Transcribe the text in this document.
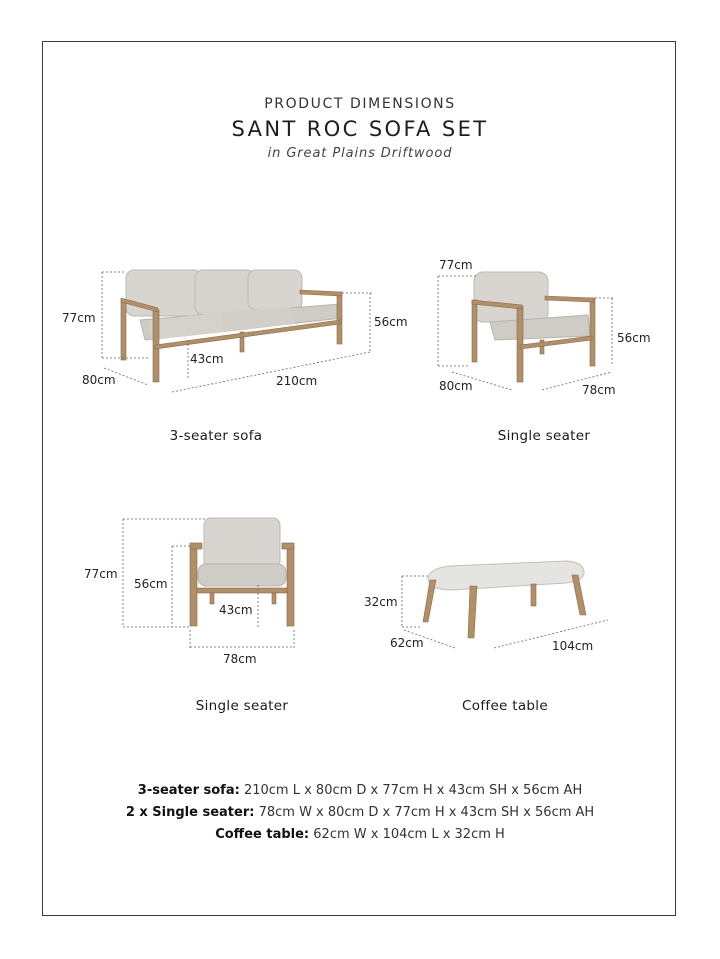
PRODUCT DIMENSIONS
SANT ROC SOFA SET
in Great Plains Driftwood
77cm
80cm
43cm
210cm
56cm
77cm
56cm
80cm	78cm
77cm
56cm
43cm
78cm
32cm
62cm	104cm
3-seater sofa	Single seater
Single seater	Coffee table
3-seater sofa: 210cm L x 80cm D x 77cm H x 43cm SH x 56cm AH
2 x Single seater: 78cm W x 80cm D x 77cm H x 43cm SH x 56cm AH
Coffee table: 62cm W x 104cm L x 32cm H
